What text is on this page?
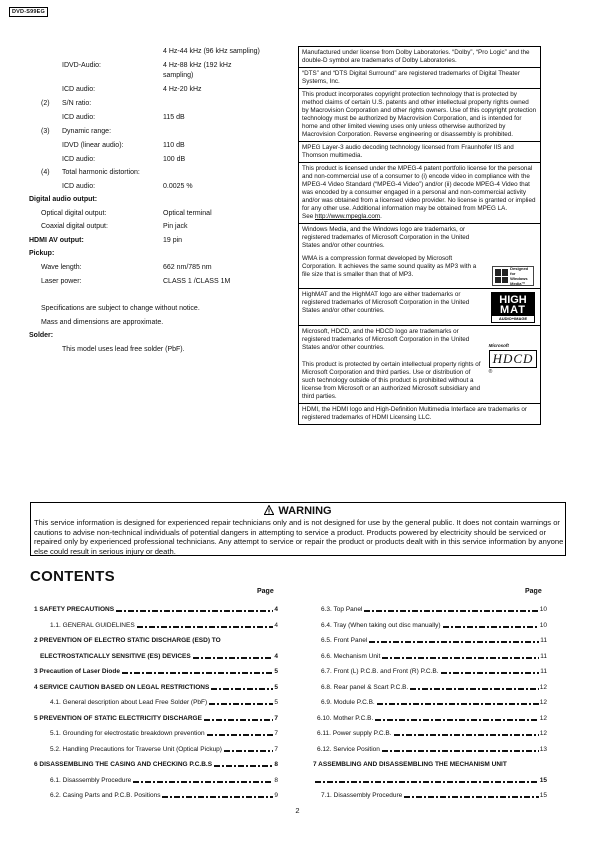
DVD-S99EG
4 Hz-44 kHz (96 kHz sampling)
IDVD-Audio:	4 Hz-88 kHz (192 kHz
sampling)
ICD audio:	4 Hz-20 kHz
(2) S/N ratio:
ICD audio:	115 dB
(3) Dynamic range:
IDVD (linear audio):	110 dB
ICD audio:	100 dB
(4) Total harmonic distortion:
ICD audio:	0.0025 %
Digital audio output:
Optical digital output:	Optical terminal
Coaxial digital output:	Pin jack
HDMI AV output:	19 pin
Pickup:
Wave length:	662 nm/785 nm
Laser power:	CLASS 1 /CLASS 1M
Specifications are subject to change without notice.
Mass and dimensions are approximate.
Solder:
This model uses lead free solder (PbF).

Manufactured under license from Dolby Laboratories. “Dolby”, “Pro Logic” and the double-D symbol are trademarks of Dolby Laboratories.

“DTS” and “DTS Digital Surround” are registered trademarks of Digital Theater Systems, Inc.

This product incorporates copyright protection technology that is protected by method claims of certain U.S. patents and other intellectual property rights owned by Macrovision Corporation and other rights owners. Use of this copyright protection technology must be authorized by Macrovision Corporation, and is intended for home and other limited viewing uses only unless otherwise authorized by Macrovision Corporation. Reverse engineering or disassembly is prohibited.

MPEG Layer-3 audio decoding technology licensed from Fraunhofer IIS and Thomson multimedia.

This product is licensed under the MPEG-4 patent portfolio license for the personal and non-commercial use of a consumer to (i) encode video in compliance with the MPEG-4 Video Standard (“MPEG-4 Video”) and/or (ii) decode MPEG-4 Video that was encoded by a consumer engaged in a personal and non-commercial activity and/or was obtained from a licensed video provider. No license is granted or implied for any other use. Additional information may be obtained from MPEG LA.

See http://www.mpegla.com.

Windows Media, and the Windows logo are trademarks, or registered trademarks of Microsoft Corporation in the United States and/or other countries.

WMA is a compression format developed by Microsoft Corporation. It achieves the same sound quality as MP3 with a file size that is smaller than that of MP3.

Designed for
Windows
Media™

HighMAT and the HighMAT logo are either trademarks or registered trademarks of Microsoft Corporation in the United States and/or other countries.

HIGH
MAT
AUDIO+IMAGE

Microsoft, HDCD, and the HDCD logo are trademarks or registered trademarks of Microsoft Corporation in the United States and/or other countries.

This product is protected by certain intellectual property rights of Microsoft Corporation and third parties. Use or distribution of such technology outside of this product is prohibited without a license from Microsoft or an authorized Microsoft subsidiary and third parties.

Microsoft
HDCD®

HDMI, the HDMI logo and High-Definition Multimedia Interface are trademarks or registered trademarks of HDMI Licensing LLC.

WARNING
This service information is designed for experienced repair technicians only and is not designed for use by the general public. It does not contain warnings or cautions to advise non-technical individuals of potential dangers in attempting to service a product. Products powered by electricity should be serviced or repaired only by experienced professional technicians. Any attempt to service or repair the product or products dealt with in this service information by anyone else could result in serious injury or death.
CONTENTS
Page	Page
1 SAFETY PRECAUTIONS	4
1.1. GENERAL GUIDELINES	4
2 PREVENTION OF ELECTRO STATIC DISCHARGE (ESD) TO
ELECTROSTATICALLY SENSITIVE (ES) DEVICES	4
3 Precaution of Laser Diode	5
4 SERVICE CAUTION BASED ON LEGAL RESTRICTIONS	5
4.1. General description about Lead Free Solder (PbF)	5
5 PREVENTION OF STATIC ELECTRICITY DISCHARGE	7
5.1. Grounding for electrostatic breakdown prevention	7
5.2. Handling Precautions for Traverse Unit (Optical Pickup)	7
6 DISASSEMBLING THE CASING AND CHECKING P.C.B.S	8
6.1. Disassembly Procedure	8
6.2. Casing Parts and P.C.B. Positions	9
6.3. Top Panel	10
6.4. Tray (When taking out disc manually)	10
6.5. Front Panel	11
6.6. Mechanism Unit	11
6.7. Front (L) P.C.B. and Front (R) P.C.B.	11
6.8. Rear panel & Scart P.C.B.	12
6.9. Module P.C.B.	12
6.10. Mother P.C.B.	12
6.11. Power supply P.C.B.	12
6.12. Service Position	13
7 ASSEMBLING AND DISASSEMBLING THE MECHANISM UNIT
15
7.1. Disassembly Procedure	15
2
